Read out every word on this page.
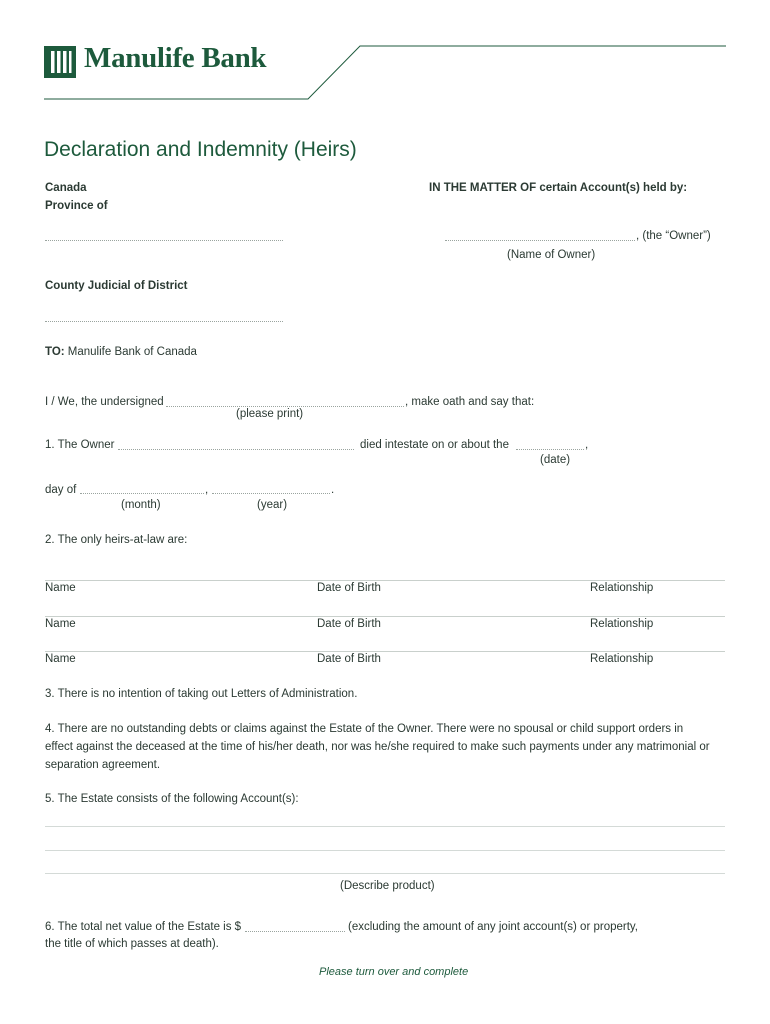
Manulife Bank
Declaration and Indemnity (Heirs)
Canada
Province of
IN THE MATTER OF certain Account(s) held by:
, (the “Owner”)
(Name of Owner)
County Judicial of District
TO: Manulife Bank of Canada
I / We, the undersigned	, make oath and say that:
(please print)
1. The Owner	died intestate on or about the	,
(date)
day of	,	.
(month)	(year)
2. The only heirs-at-law are:
Name	Date of Birth	Relationship
Name	Date of Birth	Relationship
Name	Date of Birth	Relationship
3. There is no intention of taking out Letters of Administration.
4. There are no outstanding debts or claims against the Estate of the Owner. There were no spousal or child support orders in
effect against the deceased at the time of his/her death, nor was he/she required to make such payments under any matrimonial or
separation agreement.
5. The Estate consists of the following Account(s):
(Describe product)
6. The total net value of the Estate is $	(excluding the amount of any joint account(s) or property,
the title of which passes at death).
Please turn over and complete
